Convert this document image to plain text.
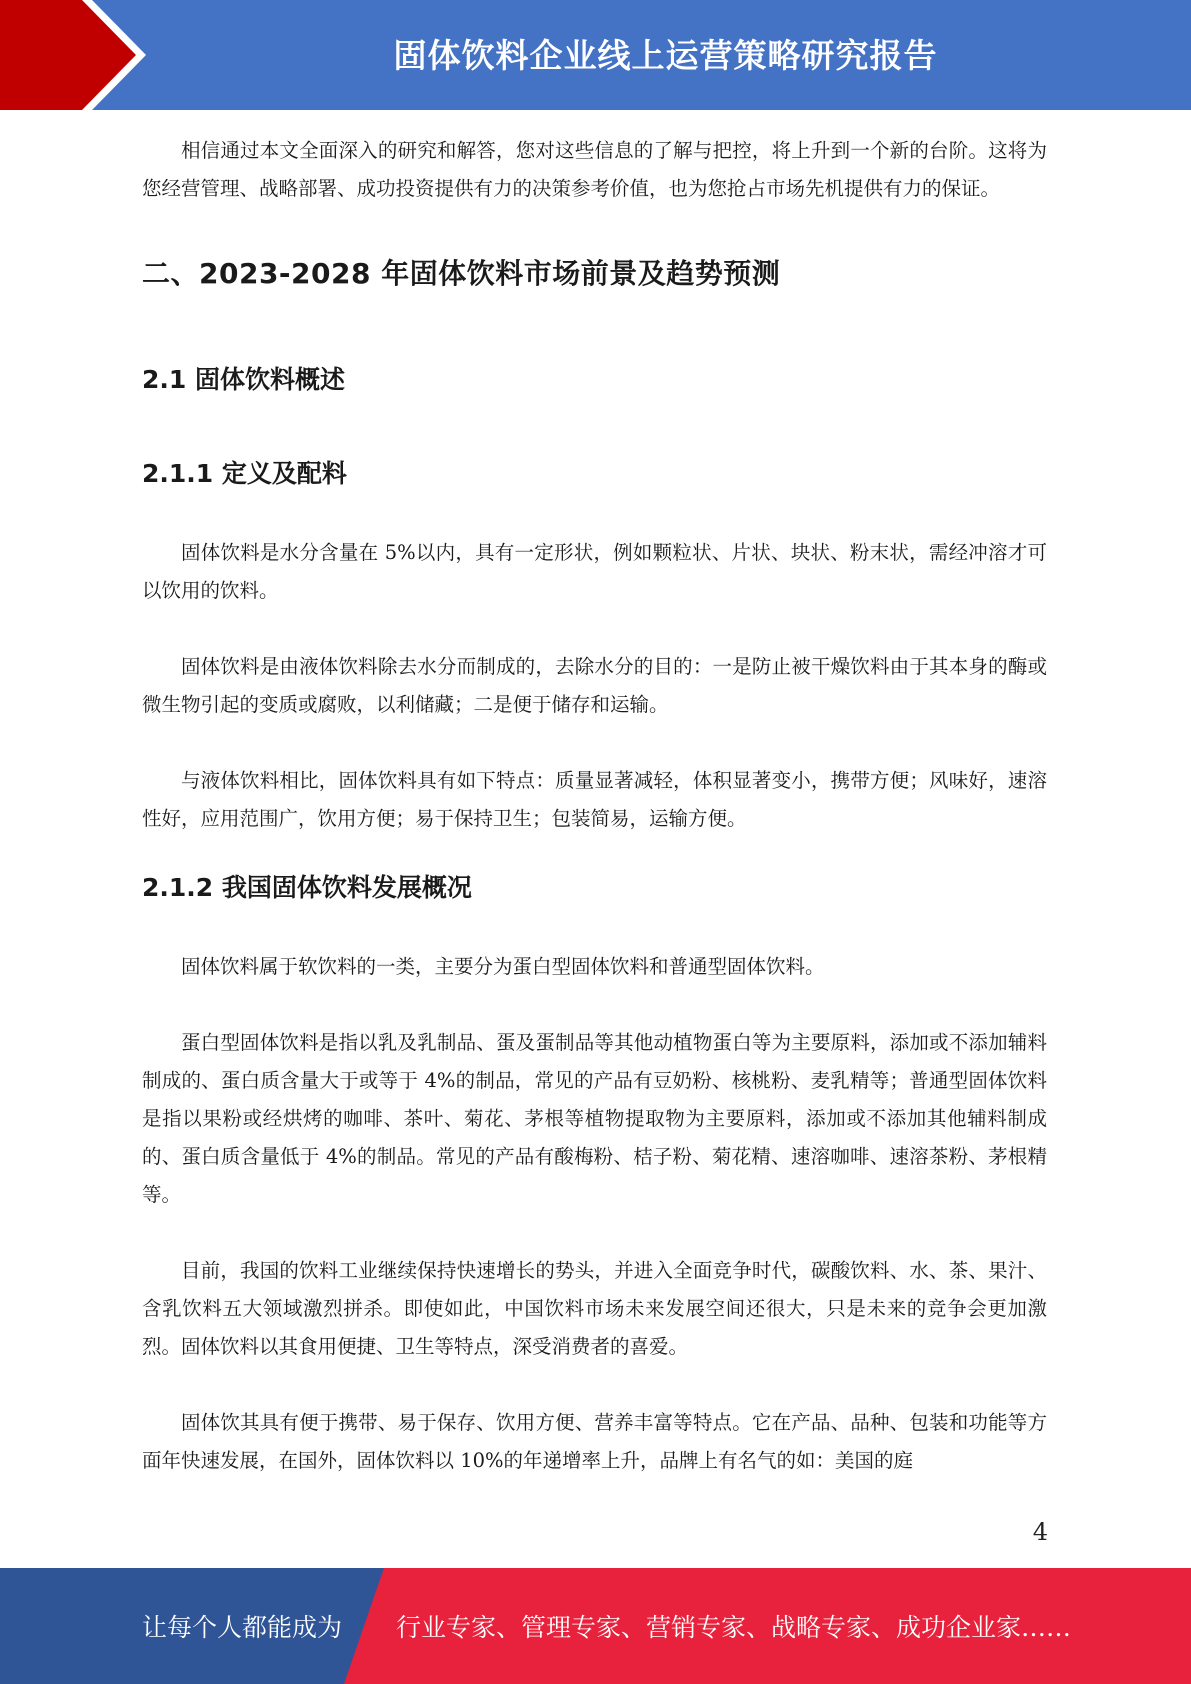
固体饮料企业线上运营策略研究报告

相信通过本文全面深入的研究和解答，您对这些信息的了解与把控，将上升到一个新的台阶。这将为您经营管理、战略部署、成功投资提供有力的决策参考价值，也为您抢占市场先机提供有力的保证。

二、2023-2028 年固体饮料市场前景及趋势预测
2.1 固体饮料概述
2.1.1 定义及配料

固体饮料是水分含量在 5%以内，具有一定形状，例如颗粒状、片状、块状、粉末状，需经冲溶才可以饮用的饮料。

固体饮料是由液体饮料除去水分而制成的，去除水分的目的：一是防止被干燥饮料由于其本身的酶或微生物引起的变质或腐败，以利储藏；二是便于储存和运输。

与液体饮料相比，固体饮料具有如下特点：质量显著减轻，体积显著变小，携带方便；风味好，速溶性好，应用范围广，饮用方便；易于保持卫生；包装简易，运输方便。

2.1.2 我国固体饮料发展概况

固体饮料属于软饮料的一类，主要分为蛋白型固体饮料和普通型固体饮料。

蛋白型固体饮料是指以乳及乳制品、蛋及蛋制品等其他动植物蛋白等为主要原料，添加或不添加辅料制成的、蛋白质含量大于或等于 4%的制品，常见的产品有豆奶粉、核桃粉、麦乳精等；普通型固体饮料是指以果粉或经烘烤的咖啡、茶叶、菊花、茅根等植物提取物为主要原料，添加或不添加其他辅料制成的、蛋白质含量低于 4%的制品。常见的产品有酸梅粉、桔子粉、菊花精、速溶咖啡、速溶茶粉、茅根精等。

目前，我国的饮料工业继续保持快速增长的势头，并进入全面竞争时代，碳酸饮料、水、茶、果汁、含乳饮料五大领域激烈拼杀。即使如此，中国饮料市场未来发展空间还很大，只是未来的竞争会更加激烈。固体饮料以其食用便捷、卫生等特点，深受消费者的喜爱。

固体饮其具有便于携带、易于保存、饮用方便、营养丰富等特点。它在产品、品种、包装和功能等方面年快速发展，在国外，固体饮料以 10%的年递增率上升，品牌上有名气的如：美国的庭

4
让每个人都能成为 行业专家、管理专家、营销专家、战略专家、成功企业家……
